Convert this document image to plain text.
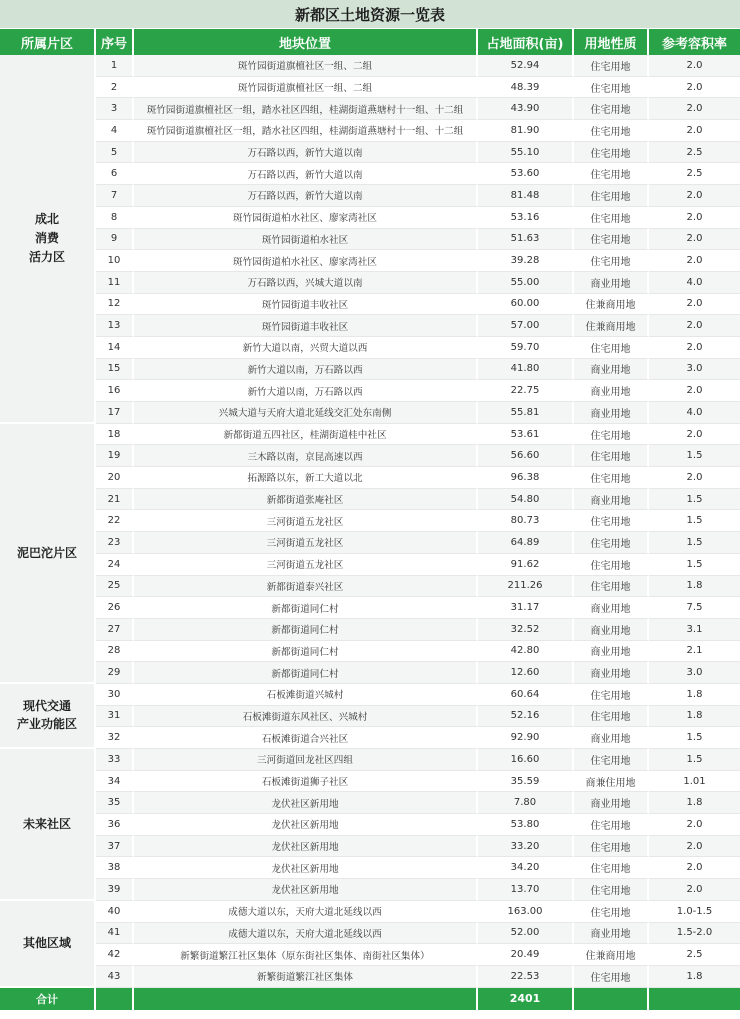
新都区土地资源一览表
所属片区	序号	地块位置	占地面积(亩)	用地性质	参考容积率
成北
消费
活力区	1	斑竹园街道旗檀社区一组、二组	52.94	住宅用地	2.0
	2	斑竹园街道旗檀社区一组、二组	48.39	住宅用地	2.0
	3	斑竹园街道旗檀社区一组，踏水社区四组，桂湖街道燕塘村十一组、十二组	43.90	住宅用地	2.0
	4	斑竹园街道旗檀社区一组，踏水社区四组，桂湖街道燕塘村十一组、十二组	81.90	住宅用地	2.0
	5	万石路以西，新竹大道以南	55.10	住宅用地	2.5
	6	万石路以西，新竹大道以南	53.60	住宅用地	2.5
	7	万石路以西，新竹大道以南	81.48	住宅用地	2.0
	8	斑竹园街道柏水社区、廖家湾社区	53.16	住宅用地	2.0
	9	斑竹园街道柏水社区	51.63	住宅用地	2.0
	10	斑竹园街道柏水社区、廖家湾社区	39.28	住宅用地	2.0
	11	万石路以西，兴城大道以南	55.00	商业用地	4.0
	12	斑竹园街道丰收社区	60.00	住兼商用地	2.0
	13	斑竹园街道丰收社区	57.00	住兼商用地	2.0
	14	新竹大道以南，兴贸大道以西	59.70	住宅用地	2.0
	15	新竹大道以南，万石路以西	41.80	商业用地	3.0
	16	新竹大道以南，万石路以西	22.75	商业用地	2.0
	17	兴城大道与天府大道北延线交汇处东南侧	55.81	商业用地	4.0
泥巴沱片区	18	新都街道五四社区，桂湖街道桂中社区	53.61	住宅用地	2.0
	19	三木路以南，京昆高速以西	56.60	住宅用地	1.5
	20	拓源路以东，新工大道以北	96.38	住宅用地	2.0
	21	新都街道张庵社区	54.80	商业用地	1.5
	22	三河街道五龙社区	80.73	住宅用地	1.5
	23	三河街道五龙社区	64.89	住宅用地	1.5
	24	三河街道五龙社区	91.62	住宅用地	1.5
	25	新都街道泰兴社区	211.26	住宅用地	1.8
	26	新都街道同仁村	31.17	商业用地	7.5
	27	新都街道同仁村	32.52	商业用地	3.1
	28	新都街道同仁村	42.80	商业用地	2.1
	29	新都街道同仁村	12.60	商业用地	3.0
现代交通
产业功能区	30	石板滩街道兴城村	60.64	住宅用地	1.8
	31	石板滩街道东风社区、兴城村	52.16	住宅用地	1.8
	32	石板滩街道合兴社区	92.90	商业用地	1.5
未来社区	33	三河街道回龙社区四组	16.60	住宅用地	1.5
	34	石板滩街道狮子社区	35.59	商兼住用地	1.01
	35	龙伏社区新用地	7.80	商业用地	1.8
	36	龙伏社区新用地	53.80	住宅用地	2.0
	37	龙伏社区新用地	33.20	住宅用地	2.0
	38	龙伏社区新用地	34.20	住宅用地	2.0
	39	龙伏社区新用地	13.70	住宅用地	2.0
其他区域	40	成德大道以东，天府大道北延线以西	163.00	住宅用地	1.0-1.5
	41	成德大道以东，天府大道北延线以西	52.00	商业用地	1.5-2.0
	42	新繁街道繁江社区集体（原东街社区集体、南街社区集体）	20.49	住兼商用地	2.5
	43	新繁街道繁江社区集体	22.53	住宅用地	1.8
合计			2401		
